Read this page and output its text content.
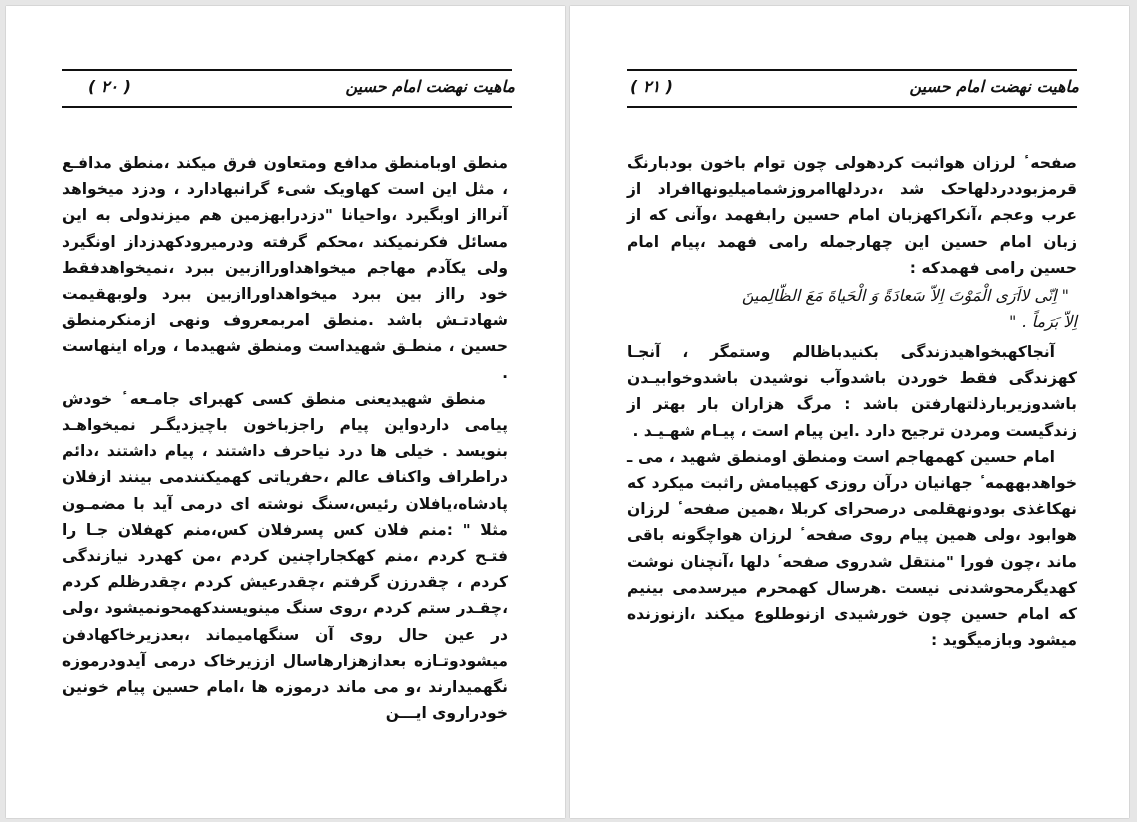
ماهیت نهضت امام حسین
( ۲۰ )

منطق اوبامنطق مدافع ومتعاون فرق میکند ،منطق مدافـع ، مثل این است کهاویک شیء گرانبهادارد ، ودزد میخواهد آنرااز اوبگیرد ،واحیانا "دزدرابهزمین هم میزندولی به این مسائل فکرنمیکند ،محکم گرفته ودرمیرودکهدزداز اونگیرد ولی یکآدم مهاجم میخواهداوراازبین ببرد ،نمیخواهدفقط خود رااز بین ببرد میخواهداوراازبین ببرد ولوبهقیمت شهادتـش باشد .منطق امربمعروف ونهی ازمنکرمنطق حسین ، منطـق شهیداست ومنطق شهیدما ، وراه اینهاست .

منطق شهیدیعنی منطق کسی کهبرای جامـعه ٔ خودش پیامی داردواین پیام راجزباخون باچیزدیگـر نمیخواهـد بنویسد . خیلی ها درد نیاحرف داشتند ، پیام داشتند ،دائم دراطراف واکناف عالم ،حفریاتی کهمیکنندمی بینند ازفلان پادشاه،یافلان رئیس،سنگ نوشته ای درمی آید با مضمـون مثلا " :منم فلان کس پسرفلان کس،منم کهفلان جـا را فتـح کردم ،منم کهکجاراچنین کردم ،من کهدرد نیازندگی کردم ، چقدرزن گرفتم ،چقدرعیش کردم ،چقدرظلم کردم ،چقـدر ستم کردم ،روی سنگ مینویسندکهمحونمیشود ،ولی در عین حال روی آن سنگهامیماند ،بعدزیرخاکهادفن میشودوتـازه بعدازهزارهاسال اززیرخاک درمی آیدودرموزه نگهمیدارند ،و می ماند درموزه ها ،امام حسین پیام خونین خودراروی ایـــن

ماهیت نهضت امام حسین
( ۲۱ )

صفحه ٔ لرزان هواثبت کردهولی چون توام باخون بودبارنگ قرمزبوددردلهاحک شد ،دردلهاامروزشمامیلیونهاافراد از عرب وعجم ،آنکراکهزبان امام حسین رابفهمد ،وآنی که از زبان امام حسین این چهارجمله رامی فهمد ،پیام امام حسین رامی فهمدکه :

" اِنّی لااَرَی الْمَوْتَ اِلاّ سَعادَةً وَ الْحَیاةَ مَعَ الظّالِمینَ
اِلاّ بَرَماً . "

آنجاکهبخواهیدزندگی بکنیدباظالم وستمگر ، آنجـا کهزندگی فقط خوردن باشدوآب نوشیدن باشدوخوابیـدن باشدوزیربارذلتهارفتن باشد : مرگ هزاران بار بهتر از زندگیست ومردن ترجیح دارد .این پیام است ، پیـام شهـیـد .

امام حسین کهمهاجم است ومنطق اومنطق شهید ، می ـ خواهدبههمه ٔ جهانیان درآن روزی کهپیامش راثبت میکرد که نهکاغذی بودونهقلمی درصحرای کربلا ،همین صفحه ٔ لرزان هوابود ،ولی همین پیام روی صفحه ٔ لرزان هواچگونه باقی ماند ،چون فورا "منتقل شدروی صفحه ٔ دلها ،آنچنان نوشت کهدیگرمحوشدنی نیست .هرسال کهمحرم میرسدمی بینیم که امام حسین چون خورشیدی ازنوطلوع میکند ،ازنوزنده میشود وبازمیگوید :
